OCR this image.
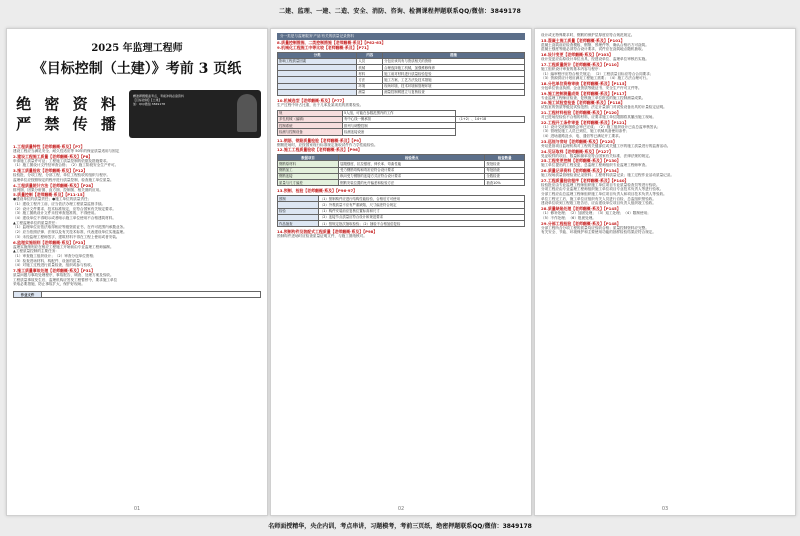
二建、监理、一建、二造、安全、消防、咨询、检测课程押题联系QQ/微信：3849178
2025 年监理工程师
《目标控制（土建）》考前 3 页纸
绝 密 资 料 严 禁 传 播
精准押题覆盖考点，考前冲刺必备资料
【目标控制】【土建】
加：QQ/微信 3849178
1.工程质量特性【老师翻概·系及】【P7】
建设工程应当满足安全、耐久性适应等 50年的保证质量适用与固定
2.建设工程施工质量【老师翻概·系及】【P8】
申请施工质量许可证；工程施工质量控制的依据及措施要求。
（1）施工图设计文件经审查合格；（2）施工阶段安全生产许可。
3.施工质量验收【老师翻概·系及】【P12】
检验批、分项工程、分部工程、单位工程验收的组织与程序。
监理单位应按照规定的程序进行质量控制，检查施工单位质量。
4.工程质量统计方法【老师翻概·系及】【P28】
排列图、因果分析图、直方图、控制图、相关图的应用。
5.质量控制【老师翻概·系及】【P11-15】
●建设单位的质量责任；●施工单位的质量责任；
（1）建设工程开工前，应当依法办理工程质量监督手续。
（2）设计文件要求、技术标准规定，应符合国家有关规定要求。
（3）施工图纸设计文件未经审查批准的，不得使用。
（4）建设单位不得明示或者暗示施工单位使用不合格建筑材料。
▲工程监理单位的质量责任：
（1）监理单位应依法取得相应等级资质证书，在许可范围内承揽业务。
（2）应当依照法律、法规以及有关技术标准，代表建设单位实施监理。
（3）未经监理工程师签字，建筑材料不得在工程上使用或者安装。
6.监理实施细则【老师翻概·系及】【P23】
监理实施细则应在相应工程施工开始前由专业监理工程师编制。
▲工程质量控制的主要任务：
（1）审查施工组织设计；（2）审查分包单位资格；
（3）检查进场材料、构配件、设备的质量；
（4）对施工过程进行质量检查，组织或参与验收。
7.施工质量事故处理【老师翻概·系及】【P31】
质量问题与事故处理程序，事故报告、调查、处理方案及验收。
工程质量事故发生后，监理机构应签发工程暂停令，要求施工单位
采取必要措施，防止事故扩大，保护好现场。
作业文件	
01
分一类是与监理服务'产品'有关的质量记录资料
8.质量控制措施、二类控制措施【老师翻概·系及】【P62-63】
9.机械化工程施工中等比较【老师翻概·系及】【P71】
分类	内容	措施
影响工程质量因素	人员	分包应该具有与资质相关的资格
	机械	合理选择施工机械，加强维修保养
	材料	施工前对材料进行质量检验复验
	方法	施工方案、工艺方法及技术措施
	环境	现场环境、技术环境和管理环境
	测量	测量控制网建立与复核检查
10.机械选型【老师翻概·系及】【P77】
生产过程中所占比重，出于几率及某项类的需要检验。
规	5人组，可能在参数范围内的工作	
多孔机械（编辑）	有中心线一侧承担	（1+2）、14+18
控制系统	排列与调整控制	
检测与控制设备	检测连接设备	
11.钢筋、钢筋质量检验【老师翻概·系及】【P9】
钢筋进场时，应按国家现行标准规定抽取试件作力学性能检验。
12.施工工程质量验收【老师翻概·系及】【P96】
数据项目	检验要点	检查数量
钢筋原材料	屈服强度、抗拉强度、伸长率、弯曲性能	按批检查
钢筋加工	受力钢筋弯钩和弯折应符合设计要求	每批抽查
钢筋连接	纵向受力钢筋的连接方式应符合设计要求	全数检查
质量与尺寸偏差	钢筋安装位置的允许偏差和检验方法	抽查10%
13.预制、检验【老师翻概·系及】【P96-97】
预制	（1）预制构件应进行结构性能检验，合格后方可使用
	（2）外观质量不应有严重缺陷，尺寸偏差符合规定
检验	（1）构件安装前应复核位置标高和尺寸
	（2）连接节点质量应符合设计和规范要求
作品抽查	（1）按规定批次抽取检验；（2）抽检不合格加倍复检
14.预制构件及装配式工程质量【老师翻概·系及】【P98】
预制构件进场时应检查质量证明文件，与施工图纸核对。
02
设计或无特殊要求时，钢筋的保护层厚度应符合规范规定。
15.混凝土施工质量【老师翻概·系及】【P101】
混凝土浇筑前应检查模板、钢筋、预埋件等，确认合格后方可浇筑。
混凝土强度等级必须符合设计要求，试件应在浇筑地点随机抽取。
16.设计变更【老师翻概·系及】【P103】
设计变更应由原设计单位出具，经建设单位、监理单位审核后实施。
17.工程质量统计【老师翻概·系及】【P110】
施工组织设计审查的基本内容与程序：
（1）编审程序应符合相关规定；（2）工程质量目标应符合合同要求；
（3）资源供应计划应满足工程施工需要；（4）施工方法合理可行。
18.分包单位资格审核【老师翻概·系及】【P115】
分包单位营业执照、企业资质等级证书、安全生产许可文件等。
19.施工控制测量成果【老师翻概·系及】【P117】
专业监理工程师应检查、复核施工单位报送的施工控制测量成果。
20.施工试验室检查【老师翻概·系及】【P118】
试验室的资质等级及试验范围；法定计量部门对试验设备出具的计量检定证明。
21.工程材料检验【老师翻概·系及】【P120】
对已进场经检验不合格的材料，应要求施工单位限期将其撤出施工现场。
22.工程开工条件审查【老师翻概·系及】【P121】
（1）设计交底和图纸会审已完成；（2）施工组织设计已由总监审核签认；
（3）管理及施工人员已到位，施工机械具备使用条件；
（4）进场道路及水、电、通信等已满足开工要求。
23.巡视与旁站【老师翻概·系及】【P125】
旁站是指项目监理机构对工程的关键部位或关键工序的施工质量进行的监督活动。
24.见证取样【老师翻概·系及】【P127】
见证取样的项目、数量和频率应符合国家有关标准、法律法规的规定。
25.工程变更控制【老师翻概·系及】【P130】
施工单位提出的工程变更，总监理工程师组织专业监理工程师审查。
26.质量记录资料【老师翻概·系及】【P134】
施工现场质量管理检查记录资料；工程材料质量记录；施工过程作业活动质量记录。
27.工程质量验收程序【老师翻概·系及】【P140】
检验批应由专业监理工程师组织施工单位项目专业质量检查员等进行验收。
分项工程应由专业监理工程师组织施工单位项目专业技术负责人等进行验收。
分部工程应由总监理工程师组织施工单位项目负责人和项目技术负责人等验收。
单位工程完工后，施工单位应组织有关人员进行自检，总监组织预验收。
建设单位收到工程竣工报告后，应由建设单位项目负责人组织竣工验收。
28.质量缺陷处理【老师翻概·系及】【P145】
（1）修补处理；（2）加固处理；（3）返工处理；（4）限制使用；
（5）不作处理；（6）报废处理。
29.分部工程检验【老师翻概·系及】【P148】
分部工程所含分项工程的质量均应验收合格；质量控制资料应完整。
有关安全、节能、环境保护和主要使用功能的抽样检验结果应符合规定。
03
名师面授精华，央企内训，考点串讲，习题模考，考前三页纸，绝密押题联系QQ/微信：3849178
